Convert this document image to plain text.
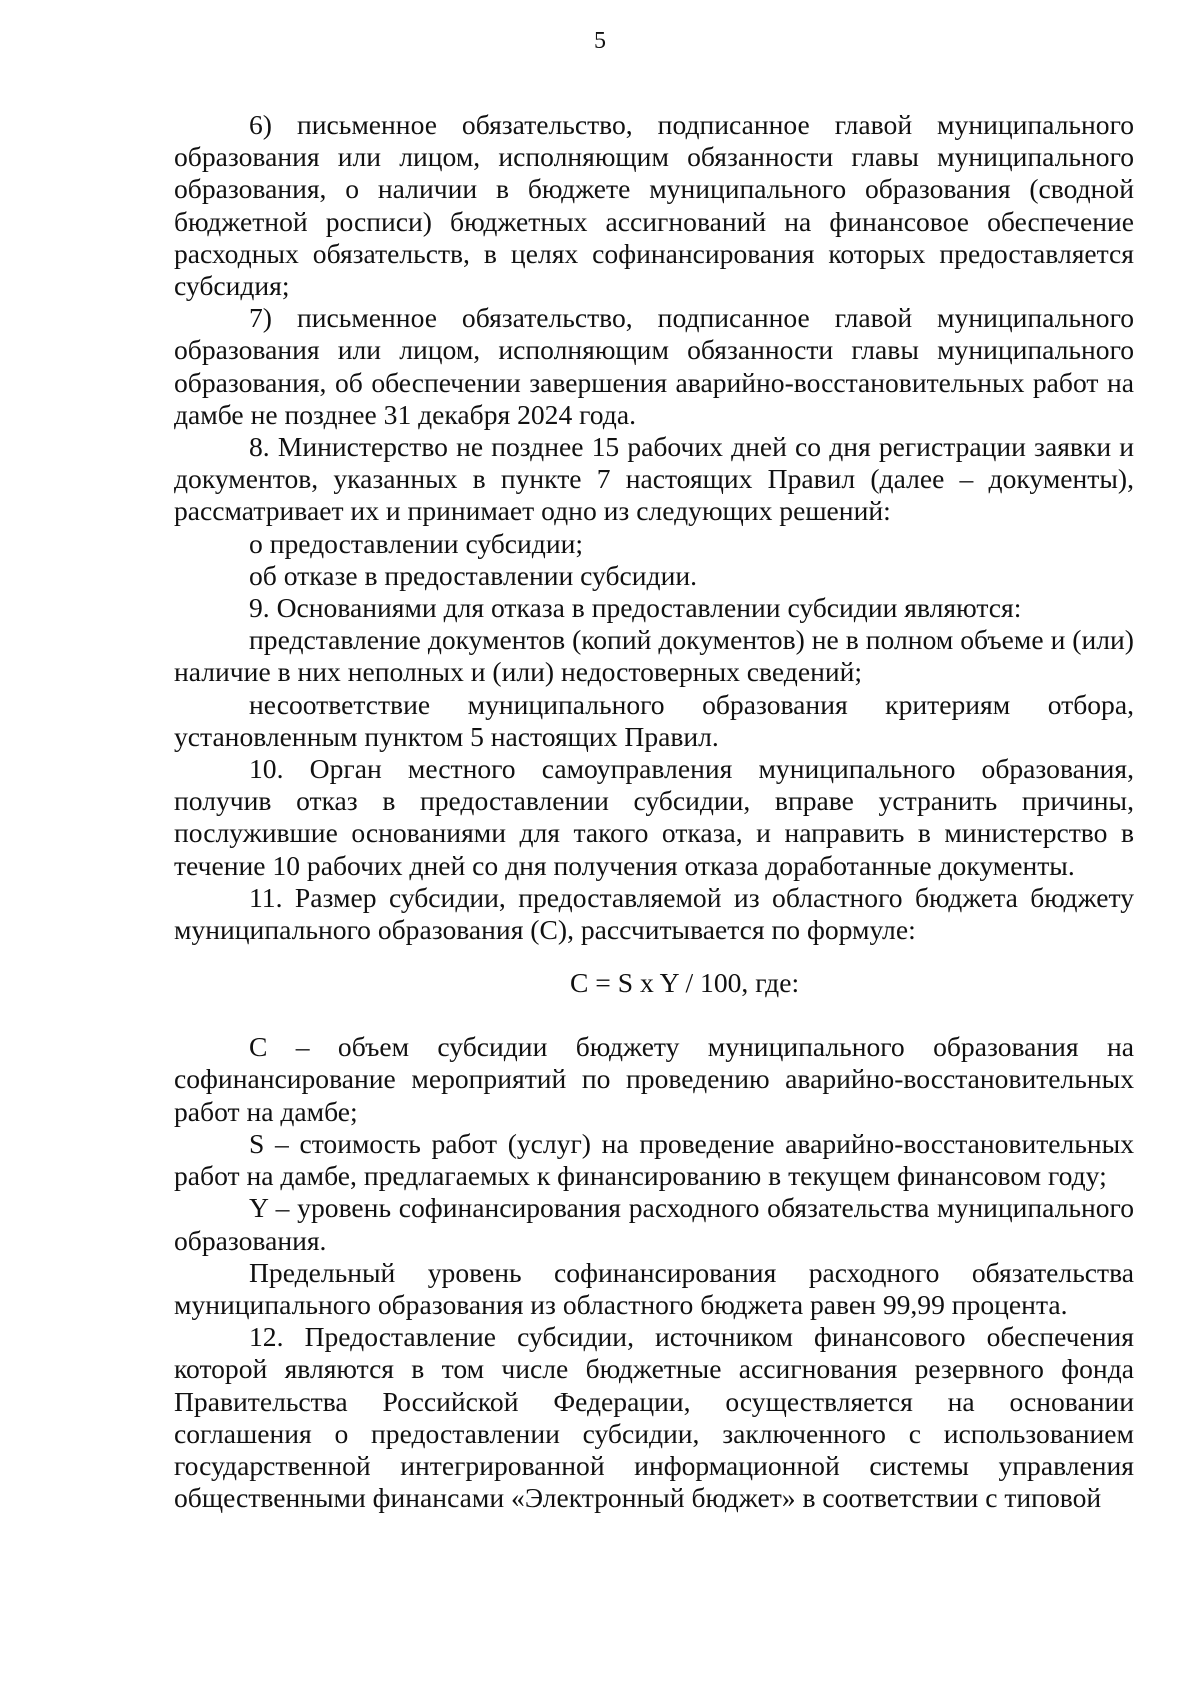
5

6) письменное обязательство, подписанное главой муниципального образования или лицом, исполняющим обязанности главы муниципального образования, о наличии в бюджете муниципального образования (сводной бюджетной росписи) бюджетных ассигнований на финансовое обеспечение расходных обязательств, в целях софинансирования которых предоставляется субсидия;

7) письменное обязательство, подписанное главой муниципального образования или лицом, исполняющим обязанности главы муниципального образования, об обеспечении завершения аварийно-восстановительных работ на дамбе не позднее 31 декабря 2024 года.

8. Министерство не позднее 15 рабочих дней со дня регистрации заявки и документов, указанных в пункте 7 настоящих Правил (далее – документы), рассматривает их и принимает одно из следующих решений:

о предоставлении субсидии;

об отказе в предоставлении субсидии.

9. Основаниями для отказа в предоставлении субсидии являются:

представление документов (копий документов) не в полном объеме и (или) наличие в них неполных и (или) недостоверных сведений;

несоответствие муниципального образования критериям отбора, установленным пунктом 5 настоящих Правил.

10. Орган местного самоуправления муниципального образования, получив отказ в предоставлении субсидии, вправе устранить причины, послужившие основаниями для такого отказа, и направить в министерство в течение 10 рабочих дней со дня получения отказа доработанные документы.

11. Размер субсидии, предоставляемой из областного бюджета бюджету муниципального образования (С), рассчитывается по формуле:

С = S x Y / 100, где:

С – объем субсидии бюджету муниципального образования на софинансирование мероприятий по проведению аварийно-восстановительных работ на дамбе;

S – стоимость работ (услуг) на проведение аварийно-восстановительных работ на дамбе, предлагаемых к финансированию в текущем финансовом году;

Y – уровень софинансирования расходного обязательства муниципального образования.

Предельный уровень софинансирования расходного обязательства муниципального образования из областного бюджета равен 99,99 процента.

12. Предоставление субсидии, источником финансового обеспечения которой являются в том числе бюджетные ассигнования резервного фонда Правительства Российской Федерации, осуществляется на основании соглашения о предоставлении субсидии, заключенного с использованием государственной интегрированной информационной системы управления общественными финансами «Электронный бюджет» в соответствии с типовой
